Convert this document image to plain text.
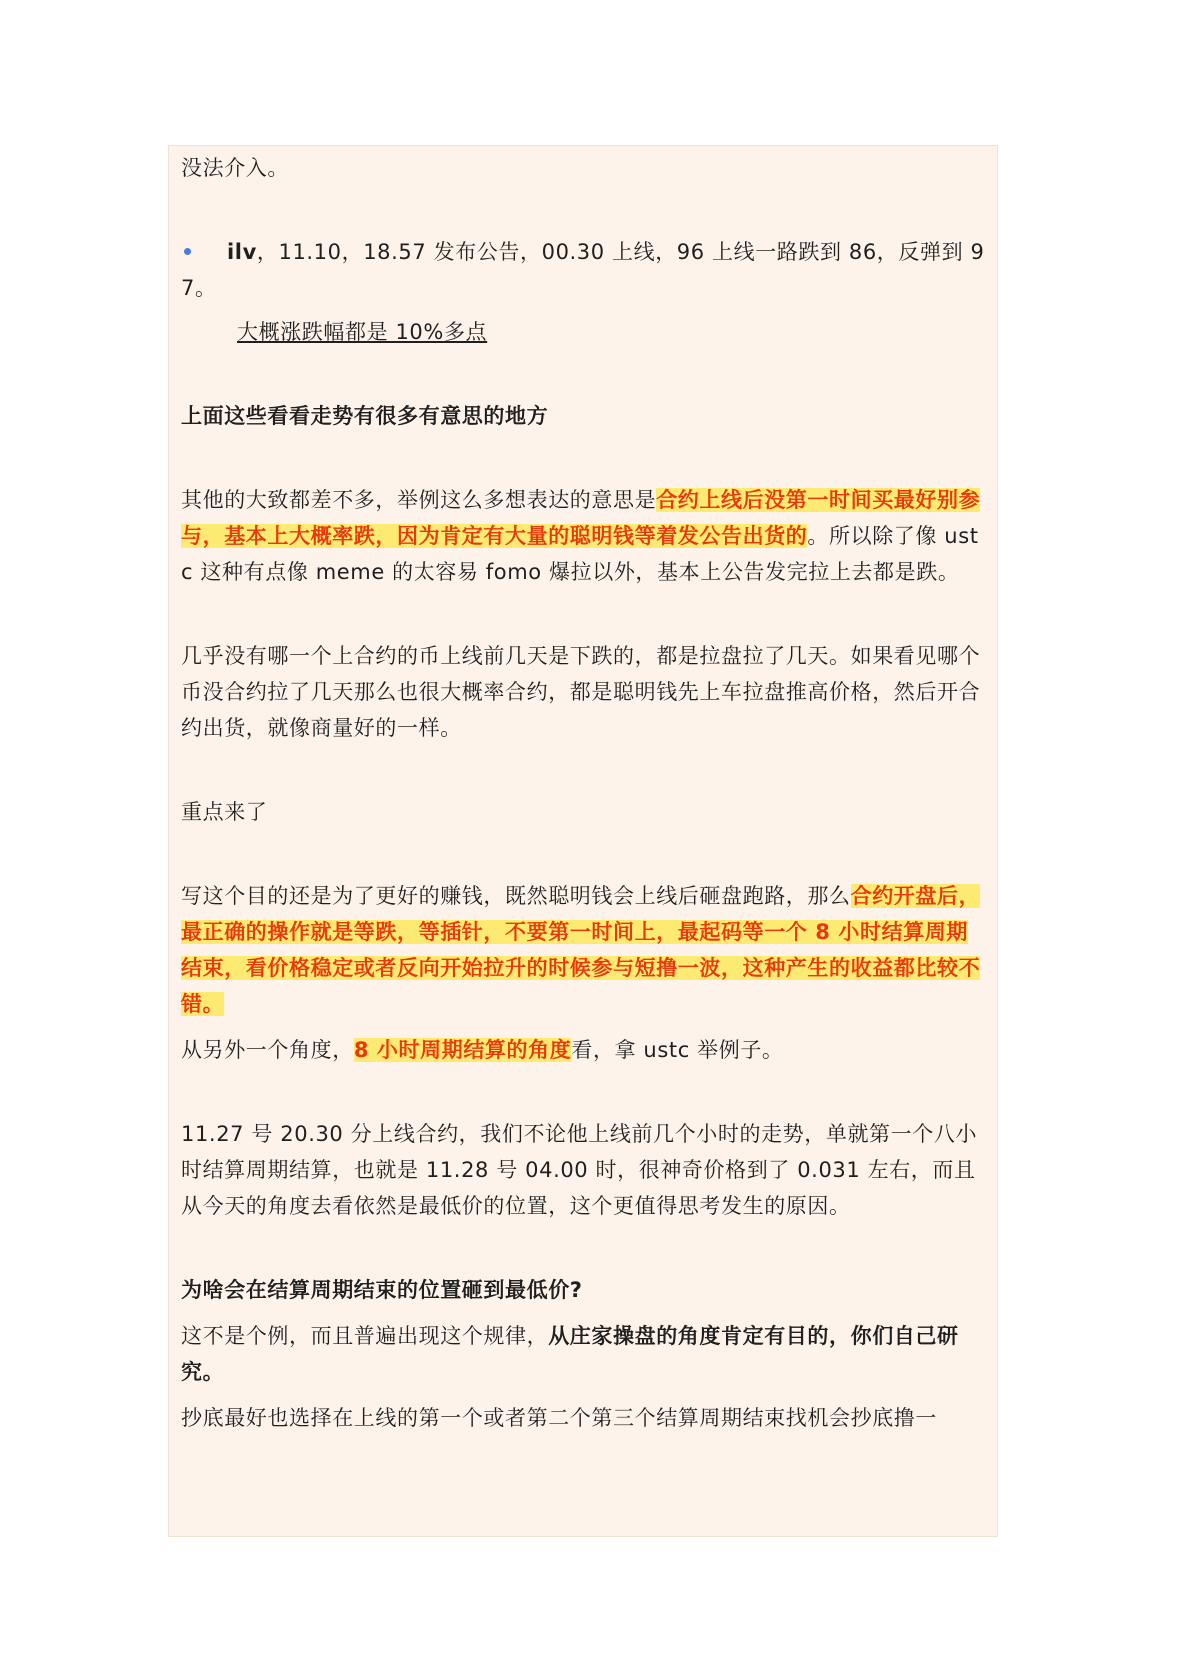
没法介入。

ilv，11.10，18.57 发布公告，00.30 上线，96 上线一路跌到 86，反弹到 97。

大概涨跌幅都是 10%多点

上面这些看看走势有很多有意思的地方

其他的大致都差不多，举例这么多想表达的意思是合约上线后没第一时间买最好别参与，基本上大概率跌，因为肯定有大量的聪明钱等着发公告出货的。所以除了像 ustc 这种有点像 meme 的太容易 fomo 爆拉以外，基本上公告发完拉上去都是跌。

几乎没有哪一个上合约的币上线前几天是下跌的，都是拉盘拉了几天。如果看见哪个币没合约拉了几天那么也很大概率合约，都是聪明钱先上车拉盘推高价格，然后开合约出货，就像商量好的一样。

重点来了

写这个目的还是为了更好的赚钱，既然聪明钱会上线后砸盘跑路，那么合约开盘后，最正确的操作就是等跌，等插针，不要第一时间上，最起码等一个 8 小时结算周期结束，看价格稳定或者反向开始拉升的时候参与短撸一波，这种产生的收益都比较不错。

从另外一个角度，8 小时周期结算的角度看，拿 ustc 举例子。

11.27 号 20.30 分上线合约，我们不论他上线前几个小时的走势，单就第一个八小时结算周期结算，也就是 11.28 号 04.00 时，很神奇价格到了 0.031 左右，而且从今天的角度去看依然是最低价的位置，这个更值得思考发生的原因。

为啥会在结算周期结束的位置砸到最低价?

这不是个例，而且普遍出现这个规律，从庄家操盘的角度肯定有目的，你们自己研究。

抄底最好也选择在上线的第一个或者第二个第三个结算周期结束找机会抄底撸一
